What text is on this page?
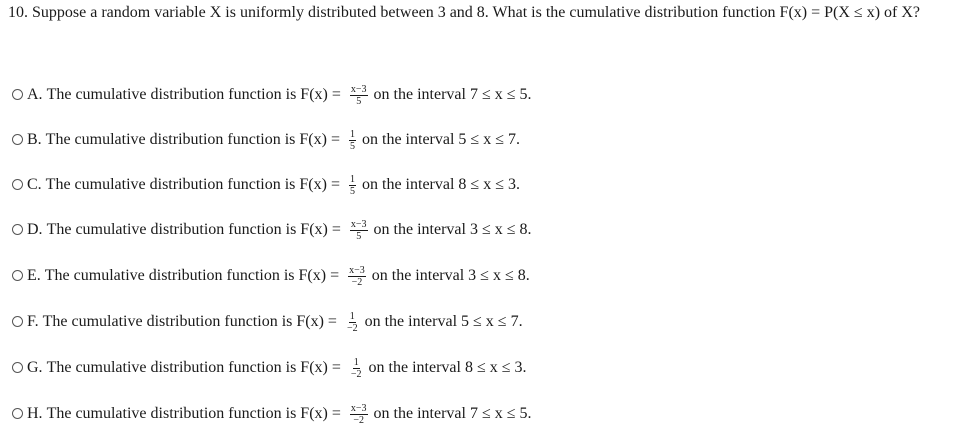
10. Suppose a random variable X is uniformly distributed between 3 and 8. What is the cumulative distribution function F(x) = P(X ≤ x) of X?
A.
The cumulative distribution function is $F(x) = \frac{x-3}{5}$ on the interval 7 ≤ x ≤ 5.
B.
The cumulative distribution function is $F(x) = \frac{1}{5}$ on the interval 5 ≤ x ≤ 7.
C.
The cumulative distribution function is $F(x) = \frac{1}{5}$ on the interval 8 ≤ x ≤ 3.
D.
The cumulative distribution function is $F(x) = \frac{x-3}{5}$ on the interval 3 ≤ x ≤ 8.
E.
The cumulative distribution function is $F(x) = \frac{x-3}{-2}$ on the interval 3 ≤ x ≤ 8.
F.
The cumulative distribution function is $F(x) = \frac{1}{-2}$ on the interval 5 ≤ x ≤ 7.
G.
The cumulative distribution function is $F(x) = \frac{1}{-2}$ on the interval 8 ≤ x ≤ 3.
H.
The cumulative distribution function is $F(x) = \frac{x-3}{-2}$ on the interval 7 ≤ x ≤ 5.
